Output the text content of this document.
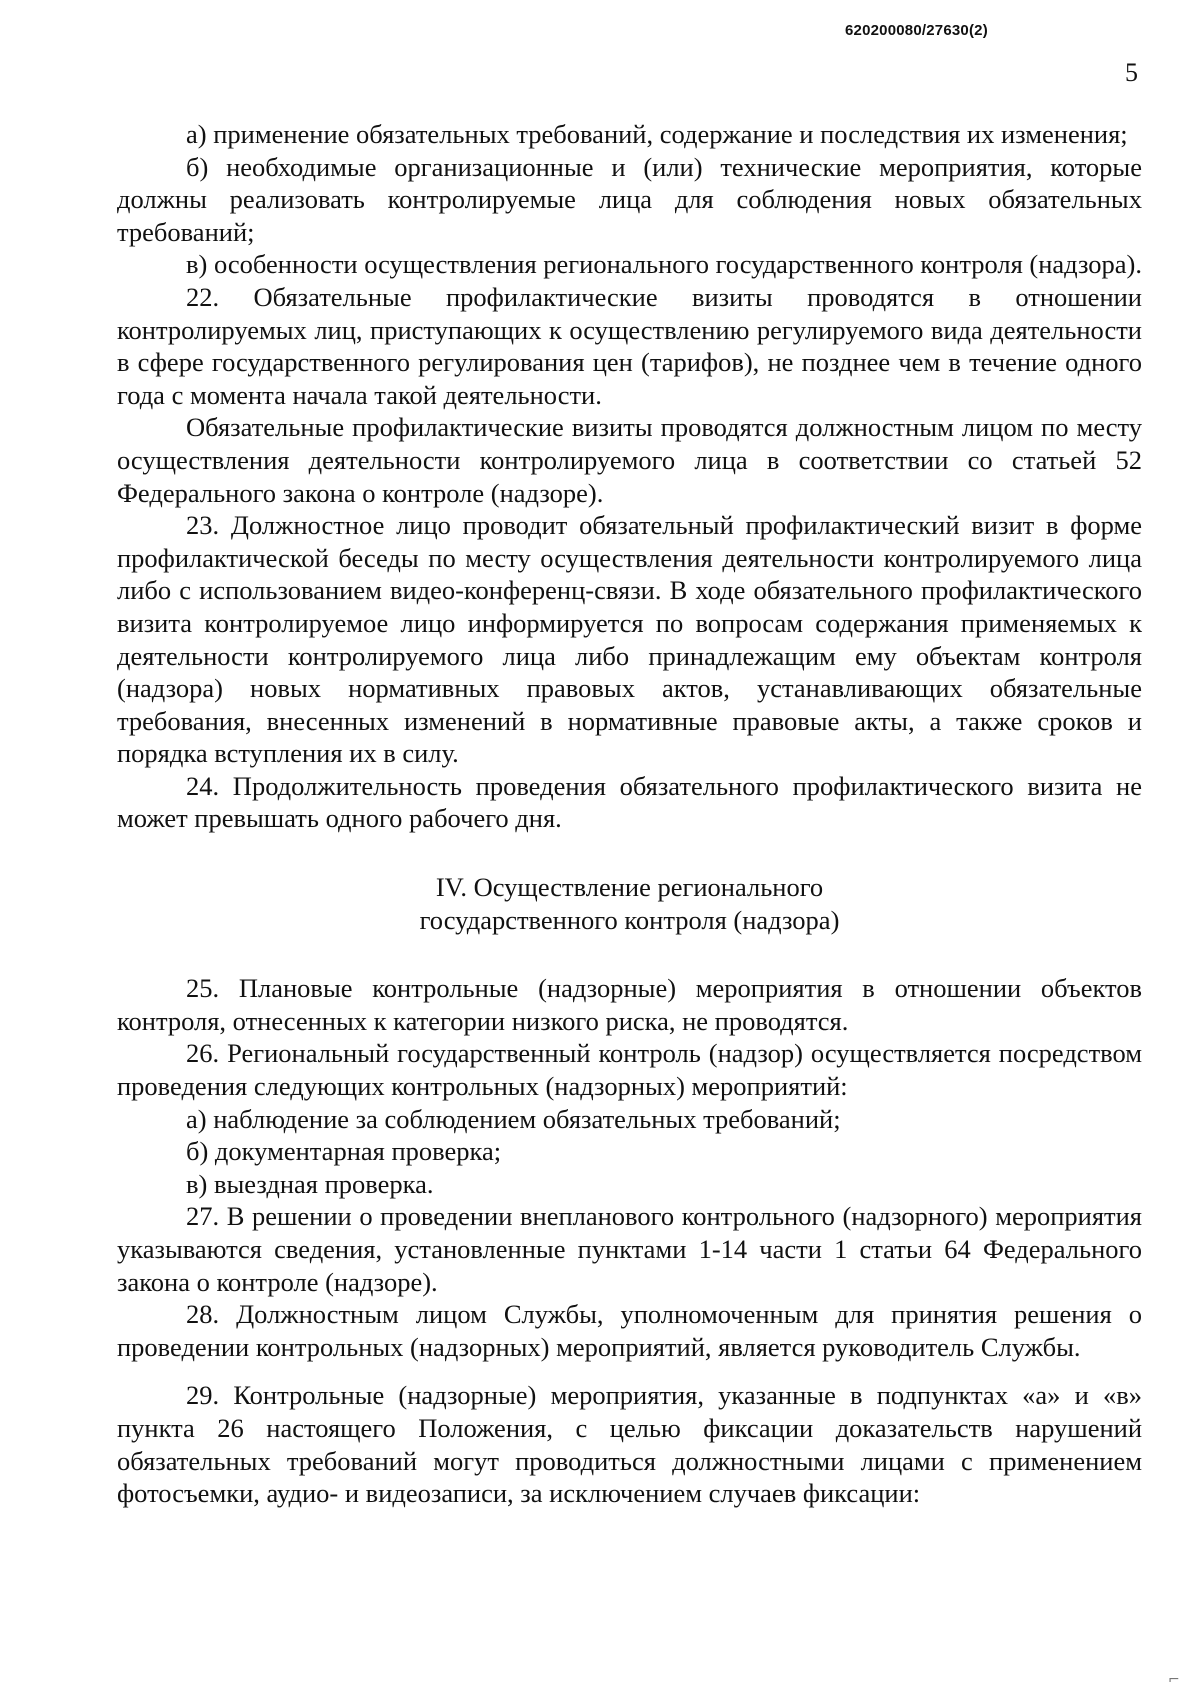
620200080/27630(2)
5

а) применение обязательных требований, содержание и последствия их изменения;

б) необходимые организационные и (или) технические мероприятия, которые должны реализовать контролируемые лица для соблюдения новых обязательных требований;

в) особенности осуществления регионального государственного контроля (надзора).

22. Обязательные профилактические визиты проводятся в отношении контролируемых лиц, приступающих к осуществлению регулируемого вида деятельности в сфере государственного регулирования цен (тарифов), не позднее чем в течение одного года с момента начала такой деятельности.

Обязательные профилактические визиты проводятся должностным лицом по месту осуществления деятельности контролируемого лица в соответствии со статьей 52 Федерального закона о контроле (надзоре).

23. Должностное лицо проводит обязательный профилактический визит в форме профилактической беседы по месту осуществления деятельности контролируемого лица либо с использованием видео-конференц-связи. В ходе обязательного профилактического визита контролируемое лицо информируется по вопросам содержания применяемых к деятельности контролируемого лица либо принадлежащим ему объектам контроля (надзора) новых нормативных правовых актов, устанавливающих обязательные требования, внесенных изменений в нормативные правовые акты, а также сроков и порядка вступления их в силу.

24. Продолжительность проведения обязательного профилактического визита не может превышать одного рабочего дня.

IV. Осуществление регионального
государственного контроля (надзора)

25. Плановые контрольные (надзорные) мероприятия в отношении объектов контроля, отнесенных к категории низкого риска, не проводятся.

26. Региональный государственный контроль (надзор) осуществляется посредством проведения следующих контрольных (надзорных) мероприятий:

а) наблюдение за соблюдением обязательных требований;

б) документарная проверка;

в) выездная проверка.

27. В решении о проведении внепланового контрольного (надзорного) мероприятия указываются сведения, установленные пунктами 1-14 части 1 статьи 64 Федерального закона о контроле (надзоре).

28. Должностным лицом Службы, уполномоченным для принятия решения о проведении контрольных (надзорных) мероприятий, является руководитель Службы.

29. Контрольные (надзорные) мероприятия, указанные в подпунктах «а» и «в» пункта 26 настоящего Положения, с целью фиксации доказательств нарушений обязательных требований могут проводиться должностными лицами с применением фотосъемки, аудио- и видеозаписи, за исключением случаев фиксации:

⌐
